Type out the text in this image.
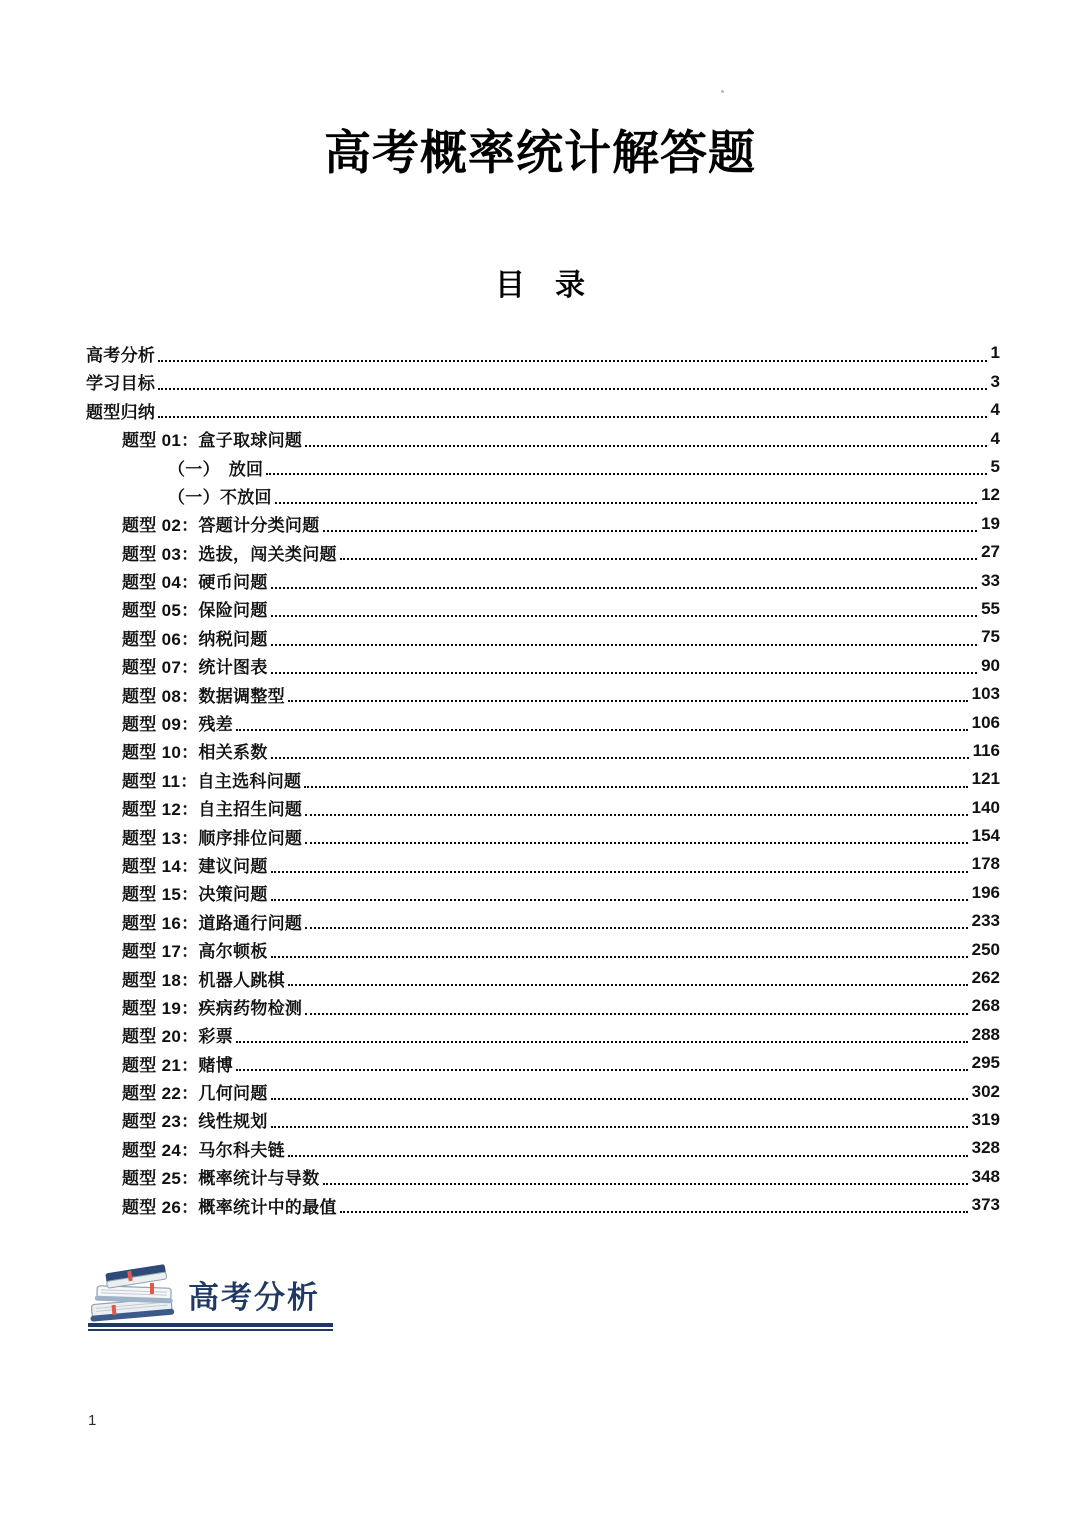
高考概率统计解答题
目　录
高考分析	1
学习目标	3
题型归纳	4
题型 01：盒子取球问题	4
（一）　放回	5
（一）不放回	12
题型 02：答题计分类问题	19
题型 03：选拔，闯关类问题	27
题型 04：硬币问题	33
题型 05：保险问题	55
题型 06：纳税问题	75
题型 07：统计图表	90
题型 08：数据调整型	103
题型 09：残差	106
题型 10：相关系数	116
题型 11：自主选科问题	121
题型 12：自主招生问题	140
题型 13：顺序排位问题	154
题型 14：建议问题	178
题型 15：决策问题	196
题型 16：道路通行问题	233
题型 17：高尔顿板	250
题型 18：机器人跳棋	262
题型 19：疾病药物检测	268
题型 20：彩票	288
题型 21：赌博	295
题型 22：几何问题	302
题型 23：线性规划	319
题型 24：马尔科夫链	328
题型 25：概率统计与导数	348
题型 26：概率统计中的最值	373
高考分析
1
